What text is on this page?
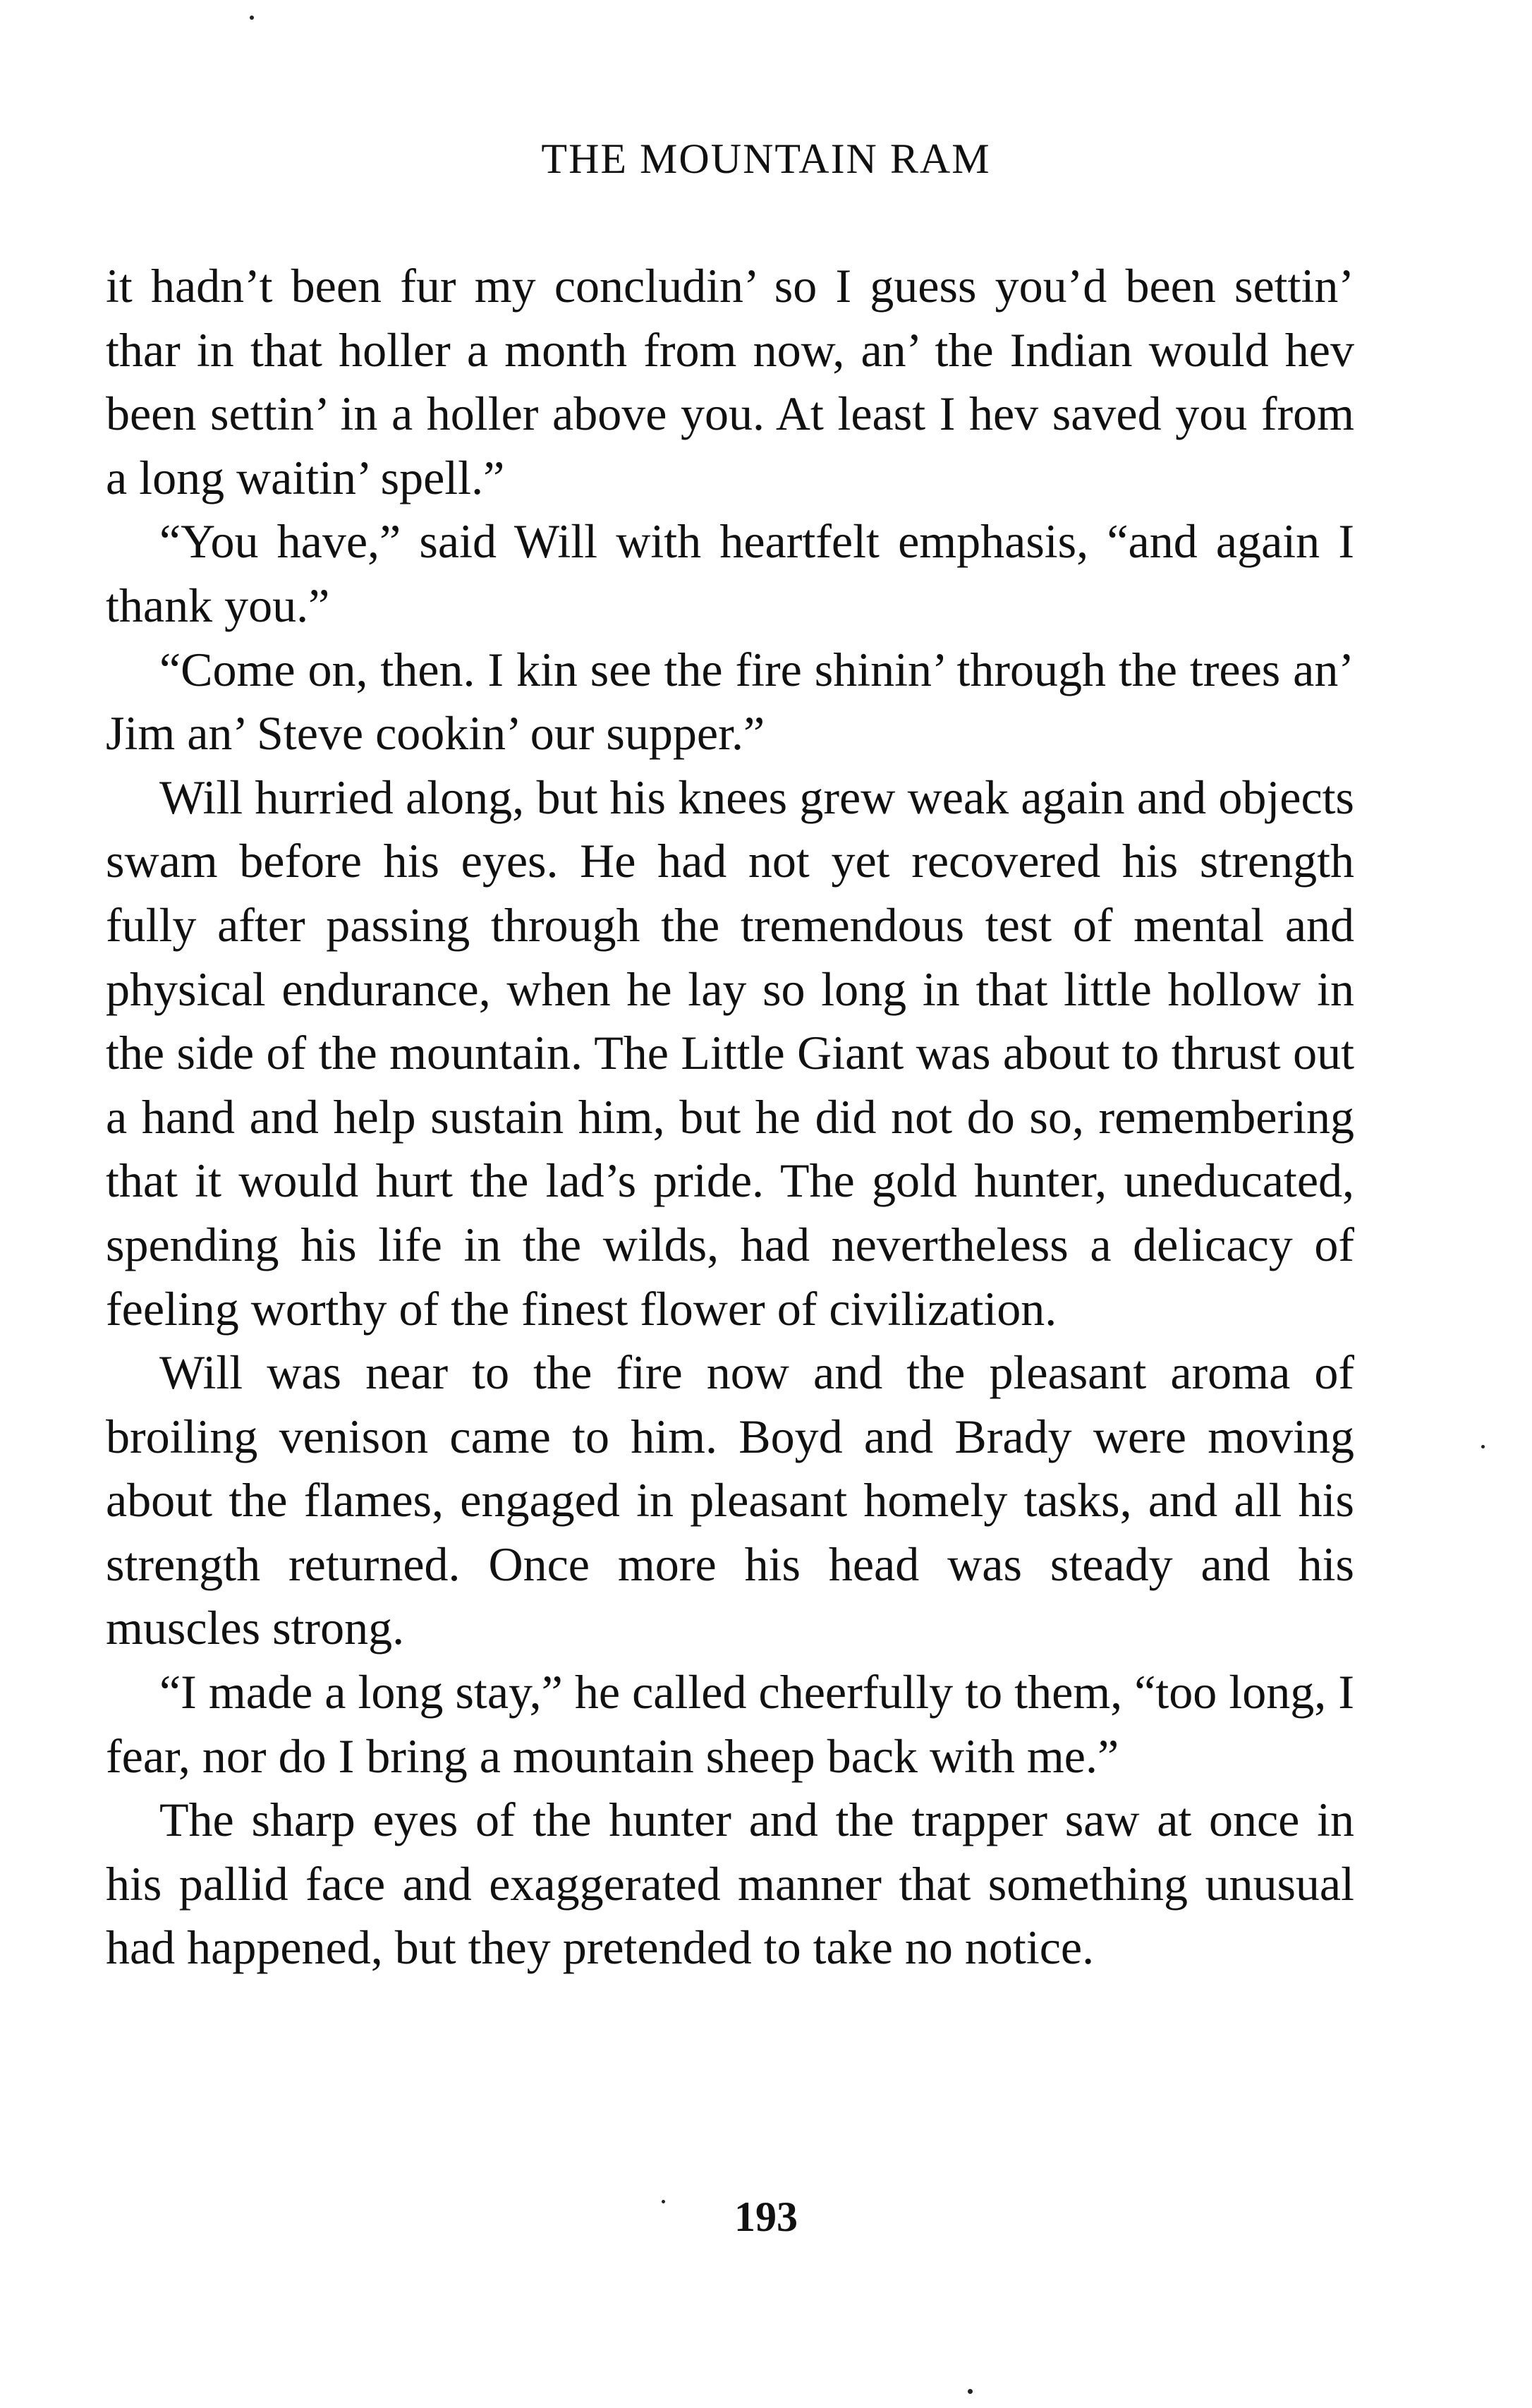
THE MOUNTAIN RAM

it hadn’t been fur my concludin’ so I guess you’d been settin’ thar in that holler a month from now, an’ the Indian would hev been settin’ in a holler above you. At least I hev saved you from a long waitin’ spell.”

“You have,” said Will with heartfelt emphasis, “and again I thank you.”

“Come on, then. I kin see the fire shinin’ through the trees an’ Jim an’ Steve cookin’ our supper.”

Will hurried along, but his knees grew weak again and objects swam before his eyes. He had not yet recovered his strength fully after passing through the tremendous test of mental and physical endurance, when he lay so long in that little hollow in the side of the mountain. The Little Giant was about to thrust out a hand and help sustain him, but he did not do so, remembering that it would hurt the lad’s pride. The gold hunter, uneducated, spending his life in the wilds, had nevertheless a delicacy of feeling worthy of the finest flower of civilization.

Will was near to the fire now and the pleasant aroma of broiling venison came to him. Boyd and Brady were moving about the flames, engaged in pleasant homely tasks, and all his strength returned. Once more his head was steady and his muscles strong.

“I made a long stay,” he called cheerfully to them, “too long, I fear, nor do I bring a mountain sheep back with me.”

The sharp eyes of the hunter and the trapper saw at once in his pallid face and exaggerated manner that something unusual had happened, but they pretended to take no notice.

193
